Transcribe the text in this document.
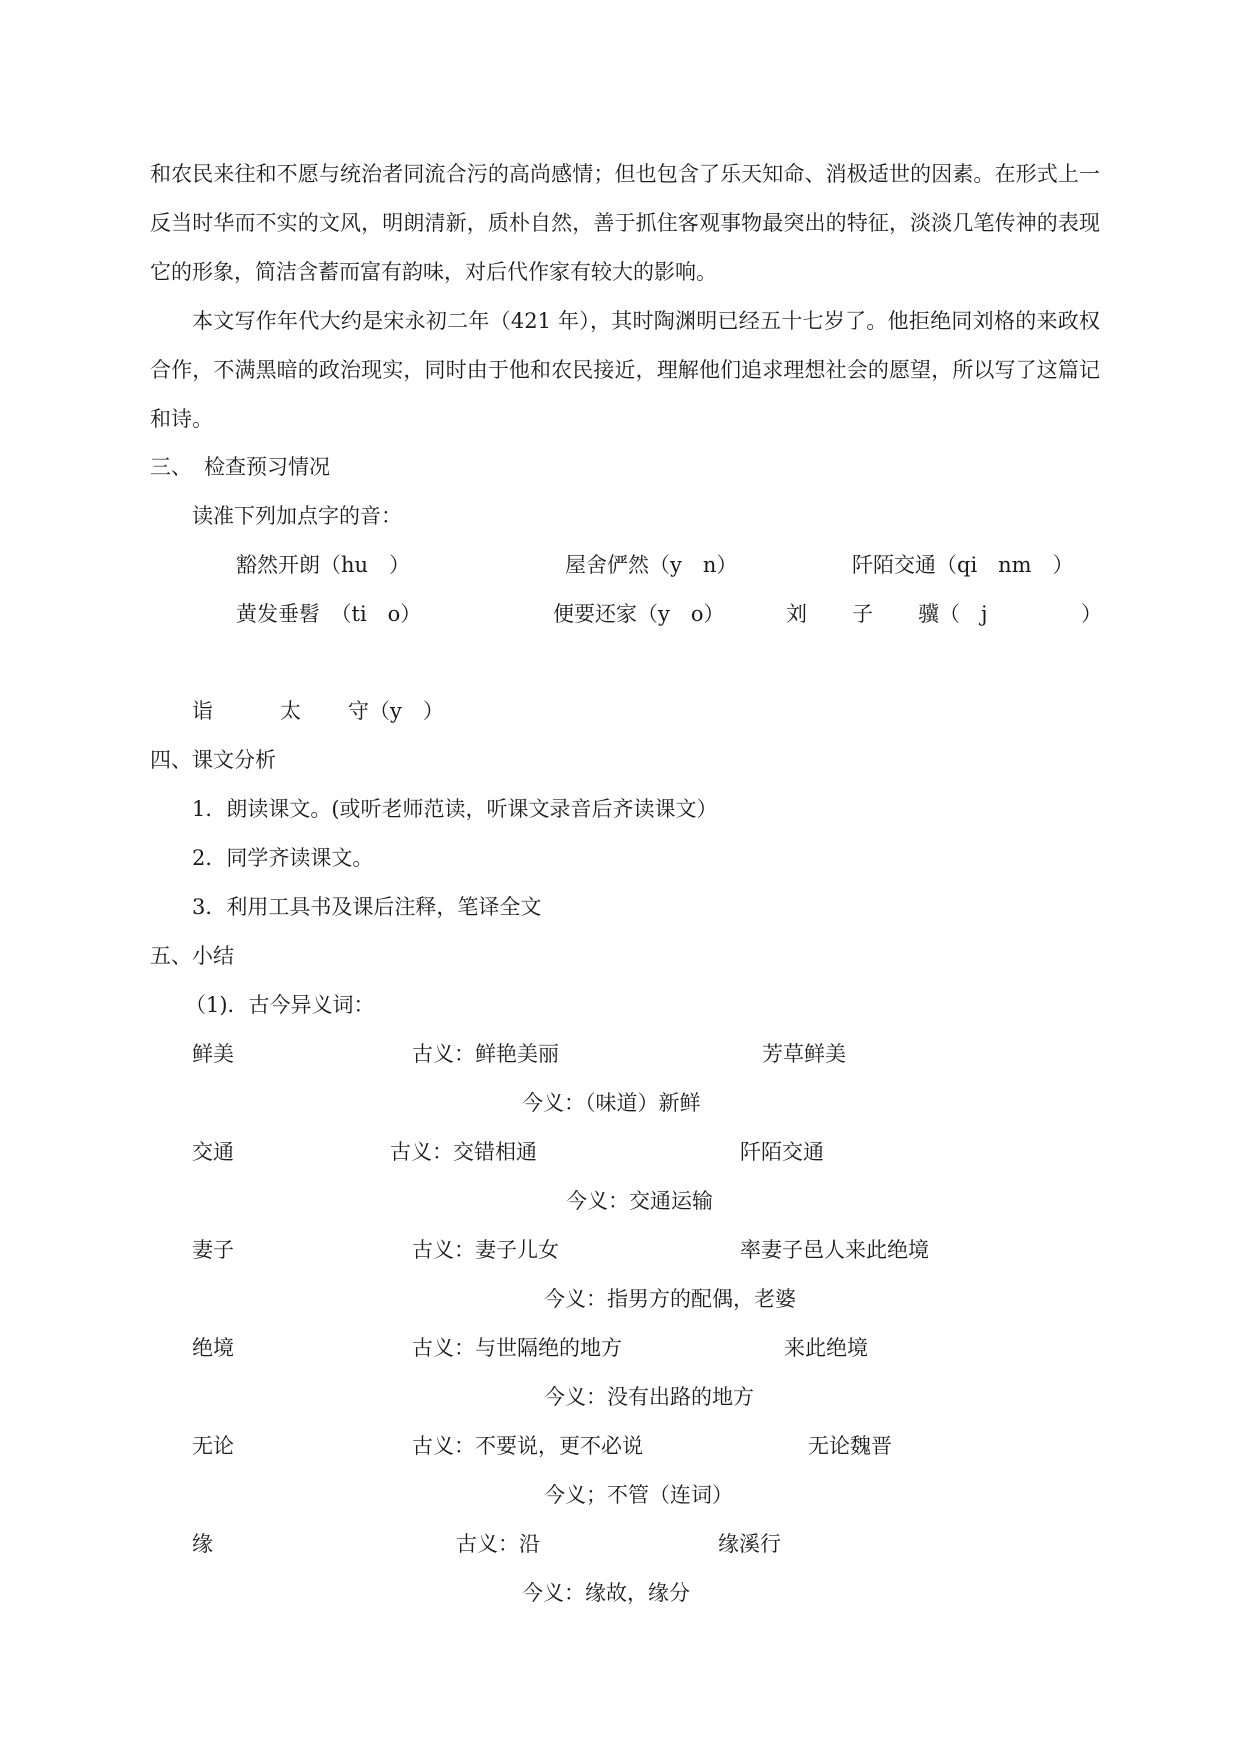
和农民来往和不愿与统治者同流合污的高尚感情；但也包含了乐天知命、消极适世的因素。在形式上一反当时华而不实的文风，明朗清新，质朴自然，善于抓住客观事物最突出的特征，淡淡几笔传神的表现它的形象，简洁含蓄而富有韵味，对后代作家有较大的影响。
本文写作年代大约是宋永初二年（421 年），其时陶渊明已经五十七岁了。他拒绝同刘格的来政权合作，不满黑暗的政治现实，同时由于他和农民接近，理解他们追求理想社会的愿望，所以写了这篇记和诗。
三、 检查预习情况
读准下列加点字的音：
豁然开朗（hu　）	屋舍俨然（y　n）	阡陌交通（qi　nm　）
黄发垂髫　（ti　o）	便要还家（y　o）	刘 子 骥（　j	）
诣	太 守（y　）
四、课文分析
1．朗读课文。(或听老师范读，听课文录音后齐读课文）
2．同学齐读课文。
3．利用工具书及课后注释，笔译全文
五、小结
（1)．古今异义词：
鲜美	古义：鲜艳美丽	芳草鲜美
今义：（味道）新鲜
交通	古义：交错相通	阡陌交通
今义：交通运输
妻子	古义：妻子儿女	率妻子邑人来此绝境
今义：指男方的配偶，老婆
绝境	古义：与世隔绝的地方	来此绝境
今义：没有出路的地方
无论	古义：不要说，更不必说	无论魏晋
今义；不管（连词）
缘	古义：沿	缘溪行
今义：缘故，缘分
